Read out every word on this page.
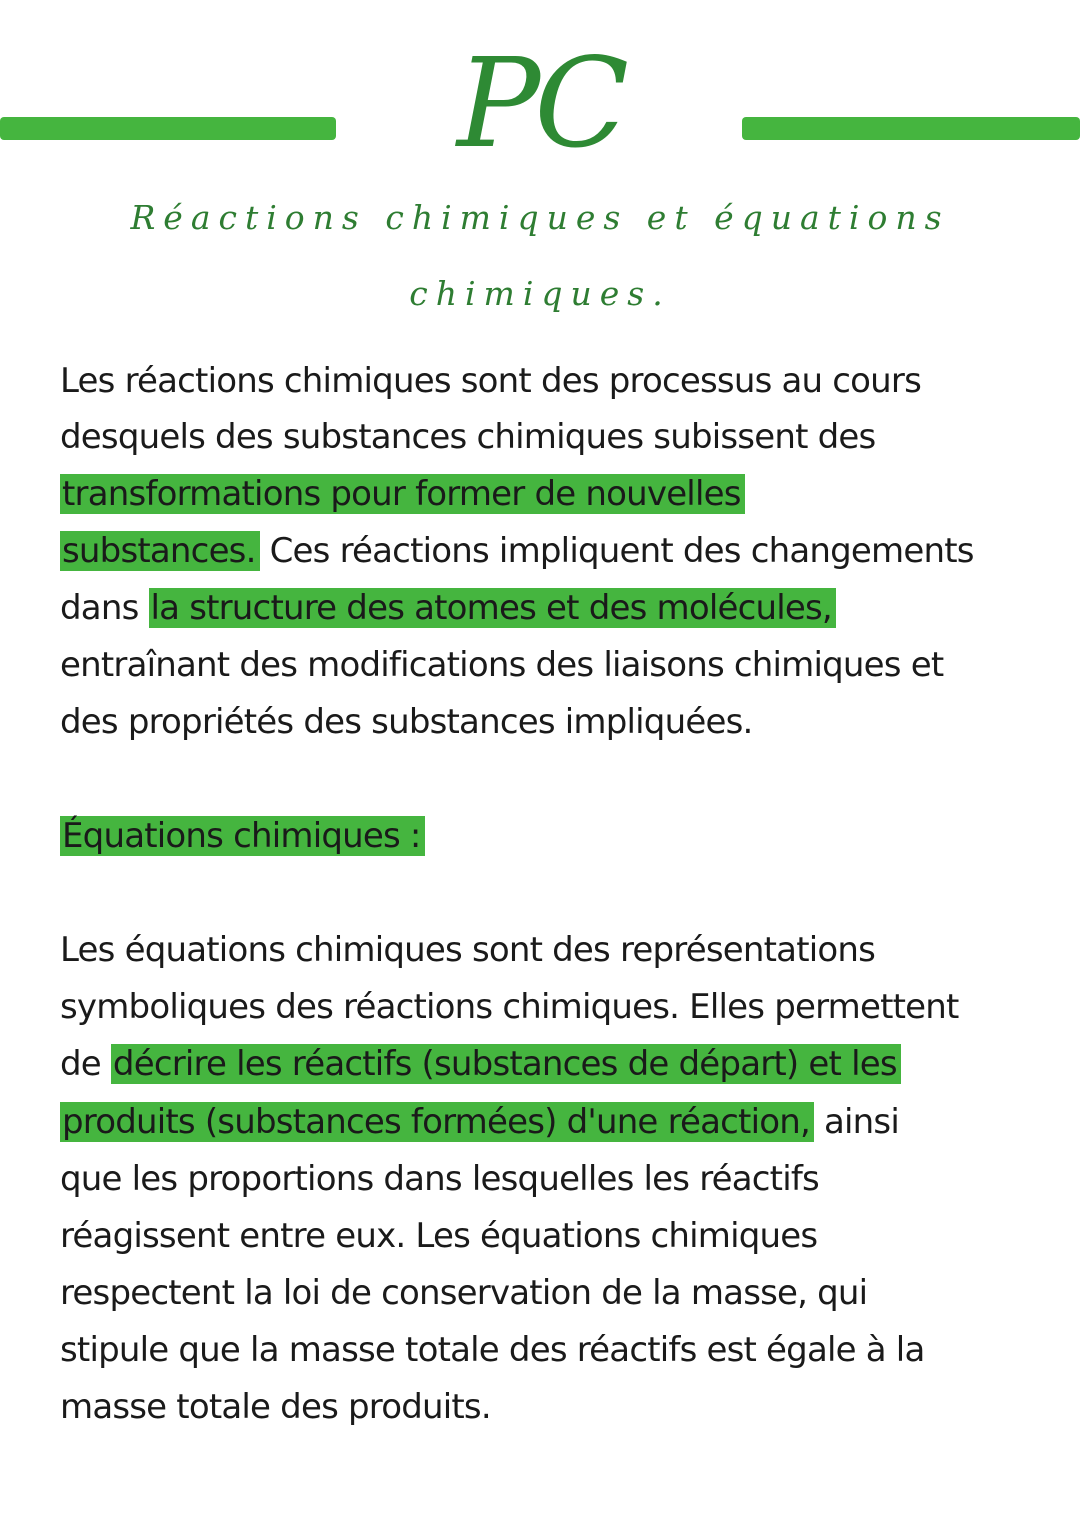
PC
Réactions chimiques et équations
chimiques.

Les réactions chimiques sont des processus au cours

desquels des substances chimiques subissent des

transformations pour former de nouvelles

substances. Ces réactions impliquent des changements

dans la structure des atomes et des molécules,

entraînant des modifications des liaisons chimiques et

des propriétés des substances impliquées.

Équations chimiques :

Les équations chimiques sont des représentations

symboliques des réactions chimiques. Elles permettent

de décrire les réactifs (substances de départ) et les

produits (substances formées) d'une réaction, ainsi

que les proportions dans lesquelles les réactifs

réagissent entre eux. Les équations chimiques

respectent la loi de conservation de la masse, qui

stipule que la masse totale des réactifs est égale à la

masse totale des produits.
